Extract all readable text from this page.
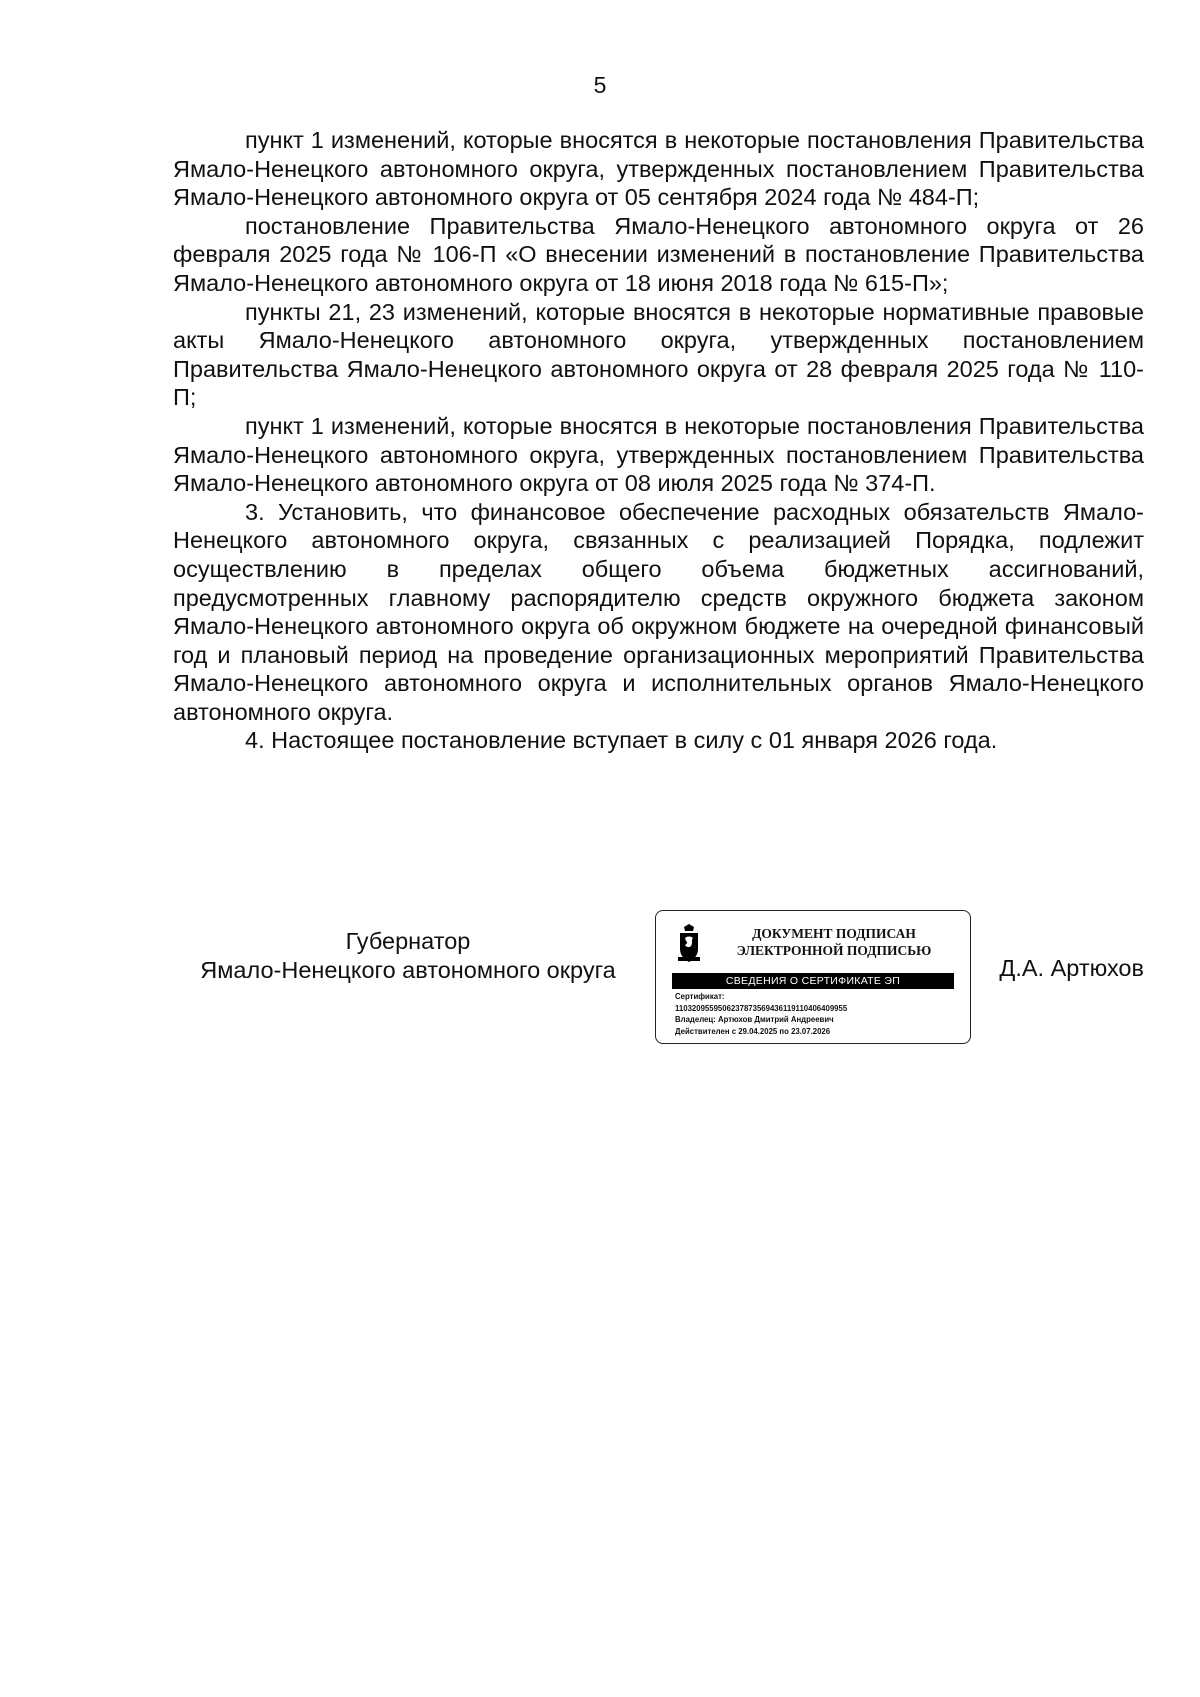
5

пункт 1 изменений, которые вносятся в некоторые постановления Правительства Ямало-Ненецкого автономного округа, утвержденных постановлением Правительства Ямало-Ненецкого автономного округа от 05 сентября 2024 года № 484-П;

постановление Правительства Ямало-Ненецкого автономного округа от 26 февраля 2025 года № 106-П «О внесении изменений в постановление Правительства Ямало-Ненецкого автономного округа от 18 июня 2018 года № 615-П»;

пункты 21, 23 изменений, которые вносятся в некоторые нормативные правовые акты Ямало-Ненецкого автономного округа, утвержденных постановлением Правительства Ямало-Ненецкого автономного округа от 28 февраля 2025 года № 110-П;

пункт 1 изменений, которые вносятся в некоторые постановления Правительства Ямало-Ненецкого автономного округа, утвержденных постановлением Правительства Ямало-Ненецкого автономного округа от 08 июля 2025 года № 374-П.

3. Установить, что финансовое обеспечение расходных обязательств Ямало-Ненецкого автономного округа, связанных с реализацией Порядка, подлежит осуществлению в пределах общего объема бюджетных ассигнований, предусмотренных главному распорядителю средств окружного бюджета законом Ямало-Ненецкого автономного округа об окружном бюджете на очередной финансовый год и плановый период на проведение организационных мероприятий Правительства Ямало-Ненецкого автономного округа и исполнительных органов Ямало-Ненецкого автономного округа.

4. Настоящее постановление вступает в силу с 01 января 2026 года.

Губернатор
Ямало-Ненецкого автономного округа
ДОКУМЕНТ ПОДПИСАН
ЭЛЕКТРОННОЙ ПОДПИСЬЮ
СВЕДЕНИЯ О СЕРТИФИКАТЕ ЭП
Сертификат:
110320955950623787356943611911040640995​5
Владелец: Артюхов Дмитрий Андреевич
Действителен с 29.04.2025 по 23.07.2026
Д.А. Артюхов
